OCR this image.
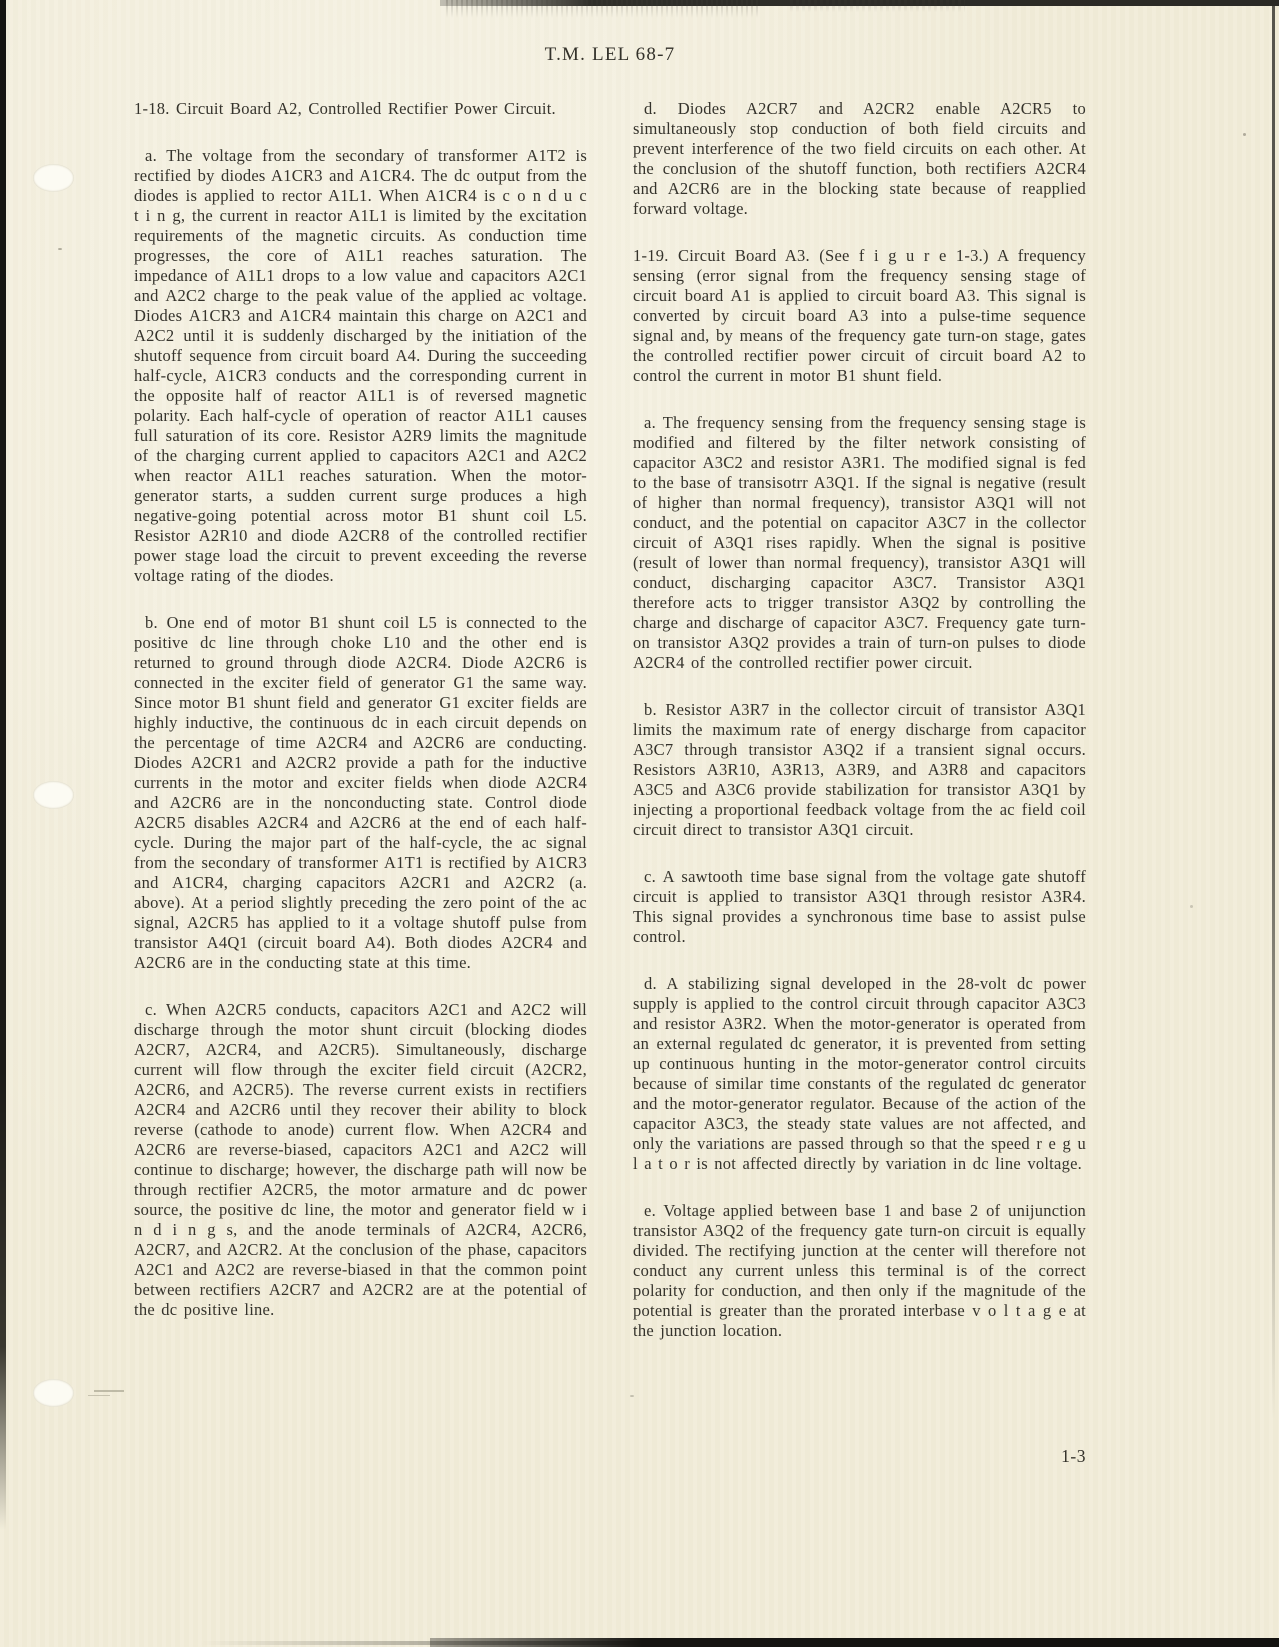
T.M. LEL 68-7

1-18. Circuit Board A2, Controlled Rectifier Power Circuit.

a. The voltage from the secondary of transformer A1T2 is rectified by diodes A1CR3 and A1CR4. The dc output from the diodes is applied to rector A1L1. When A1CR4 is c o n d u c t i n g, the current in reactor A1L1 is limited by the excitation requirements of the magnetic circuits. As conduction time progresses, the core of A1L1 reaches saturation. The impedance of A1L1 drops to a low value and capacitors A2C1 and A2C2 charge to the peak value of the applied ac voltage. Diodes A1CR3 and A1CR4 maintain this charge on A2C1 and A2C2 until it is suddenly discharged by the initiation of the shutoff sequence from circuit board A4. During the succeeding half-cycle, A1CR3 conducts and the corresponding current in the opposite half of reactor A1L1 is of reversed magnetic polarity. Each half-cycle of operation of reactor A1L1 causes full saturation of its core. Resistor A2R9 limits the magnitude of the charging current applied to capacitors A2C1 and A2C2 when reactor A1L1 reaches saturation. When the motor-generator starts, a sudden current surge produces a high negative-going potential across motor B1 shunt coil L5. Resistor A2R10 and diode A2CR8 of the controlled rectifier power stage load the circuit to prevent exceeding the reverse voltage rating of the diodes.

b. One end of motor B1 shunt coil L5 is connected to the positive dc line through choke L10 and the other end is returned to ground through diode A2CR4. Diode A2CR6 is connected in the exciter field of generator G1 the same way. Since motor B1 shunt field and generator G1 exciter fields are highly inductive, the continuous dc in each circuit depends on the percentage of time A2CR4 and A2CR6 are conducting. Diodes A2CR1 and A2CR2 provide a path for the inductive currents in the motor and exciter fields when diode A2CR4 and A2CR6 are in the nonconducting state. Control diode A2CR5 disables A2CR4 and A2CR6 at the end of each half-cycle. During the major part of the half-cycle, the ac signal from the secondary of transformer A1T1 is rectified by A1CR3 and A1CR4, charging capacitors A2CR1 and A2CR2 (a. above). At a period slightly preceding the zero point of the ac signal, A2CR5 has applied to it a voltage shutoff pulse from transistor A4Q1 (circuit board A4). Both diodes A2CR4 and A2CR6 are in the conducting state at this time.

c. When A2CR5 conducts, capacitors A2C1 and A2C2 will discharge through the motor shunt circuit (blocking diodes A2CR7, A2CR4, and A2CR5). Simultaneously, discharge current will flow through the exciter field circuit (A2CR2, A2CR6, and A2CR5). The reverse current exists in rectifiers A2CR4 and A2CR6 until they recover their ability to block reverse (cathode to anode) current flow. When A2CR4 and A2CR6 are reverse-biased, capacitors A2C1 and A2C2 will continue to discharge; however, the discharge path will now be through rectifier A2CR5, the motor armature and dc power source, the positive dc line, the motor and generator field w i n d i n g s, and the anode terminals of A2CR4, A2CR6, A2CR7, and A2CR2. At the conclusion of the phase, capacitors A2C1 and A2C2 are reverse-biased in that the common point between rectifiers A2CR7 and A2CR2 are at the potential of the dc positive line.

d. Diodes A2CR7 and A2CR2 enable A2CR5 to simultaneously stop conduction of both field circuits and prevent interference of the two field circuits on each other. At the conclusion of the shutoff function, both rectifiers A2CR4 and A2CR6 are in the blocking state because of reapplied forward voltage.

1-19. Circuit Board A3. (See f i g u r e 1-3.) A frequency sensing (error signal from the frequency sensing stage of circuit board A1 is applied to circuit board A3. This signal is converted by circuit board A3 into a pulse-time sequence signal and, by means of the frequency gate turn-on stage, gates the controlled rectifier power circuit of circuit board A2 to control the current in motor B1 shunt field.

a. The frequency sensing from the frequency sensing stage is modified and filtered by the filter network consisting of capacitor A3C2 and resistor A3R1. The modified signal is fed to the base of transisotrr A3Q1. If the signal is negative (result of higher than normal frequency), transistor A3Q1 will not conduct, and the potential on capacitor A3C7 in the collector circuit of A3Q1 rises rapidly. When the signal is positive (result of lower than normal frequency), transistor A3Q1 will conduct, discharging capacitor A3C7. Transistor A3Q1 therefore acts to trigger transistor A3Q2 by controlling the charge and discharge of capacitor A3C7. Frequency gate turn-on transistor A3Q2 provides a train of turn-on pulses to diode A2CR4 of the controlled rectifier power circuit.

b. Resistor A3R7 in the collector circuit of transistor A3Q1 limits the maximum rate of energy discharge from capacitor A3C7 through transistor A3Q2 if a transient signal occurs. Resistors A3R10, A3R13, A3R9, and A3R8 and capacitors A3C5 and A3C6 provide stabilization for transistor A3Q1 by injecting a proportional feedback voltage from the ac field coil circuit direct to transistor A3Q1 circuit.

c. A sawtooth time base signal from the voltage gate shutoff circuit is applied to transistor A3Q1 through resistor A3R4. This signal provides a synchronous time base to assist pulse control.

d. A stabilizing signal developed in the 28-volt dc power supply is applied to the control circuit through capacitor A3C3 and resistor A3R2. When the motor-generator is operated from an external regulated dc generator, it is prevented from setting up continuous hunting in the motor-generator control circuits because of similar time constants of the regulated dc generator and the motor-generator regulator. Because of the action of the capacitor A3C3, the steady state values are not affected, and only the variations are passed through so that the speed r e g u l a t o r is not affected directly by variation in dc line voltage.

e. Voltage applied between base 1 and base 2 of unijunction transistor A3Q2 of the frequency gate turn-on circuit is equally divided. The rectifying junction at the center will therefore not conduct any current unless this terminal is of the correct polarity for conduction, and then only if the magnitude of the potential is greater than the prorated interbase v o l t a g e at the junction location.

1-3
